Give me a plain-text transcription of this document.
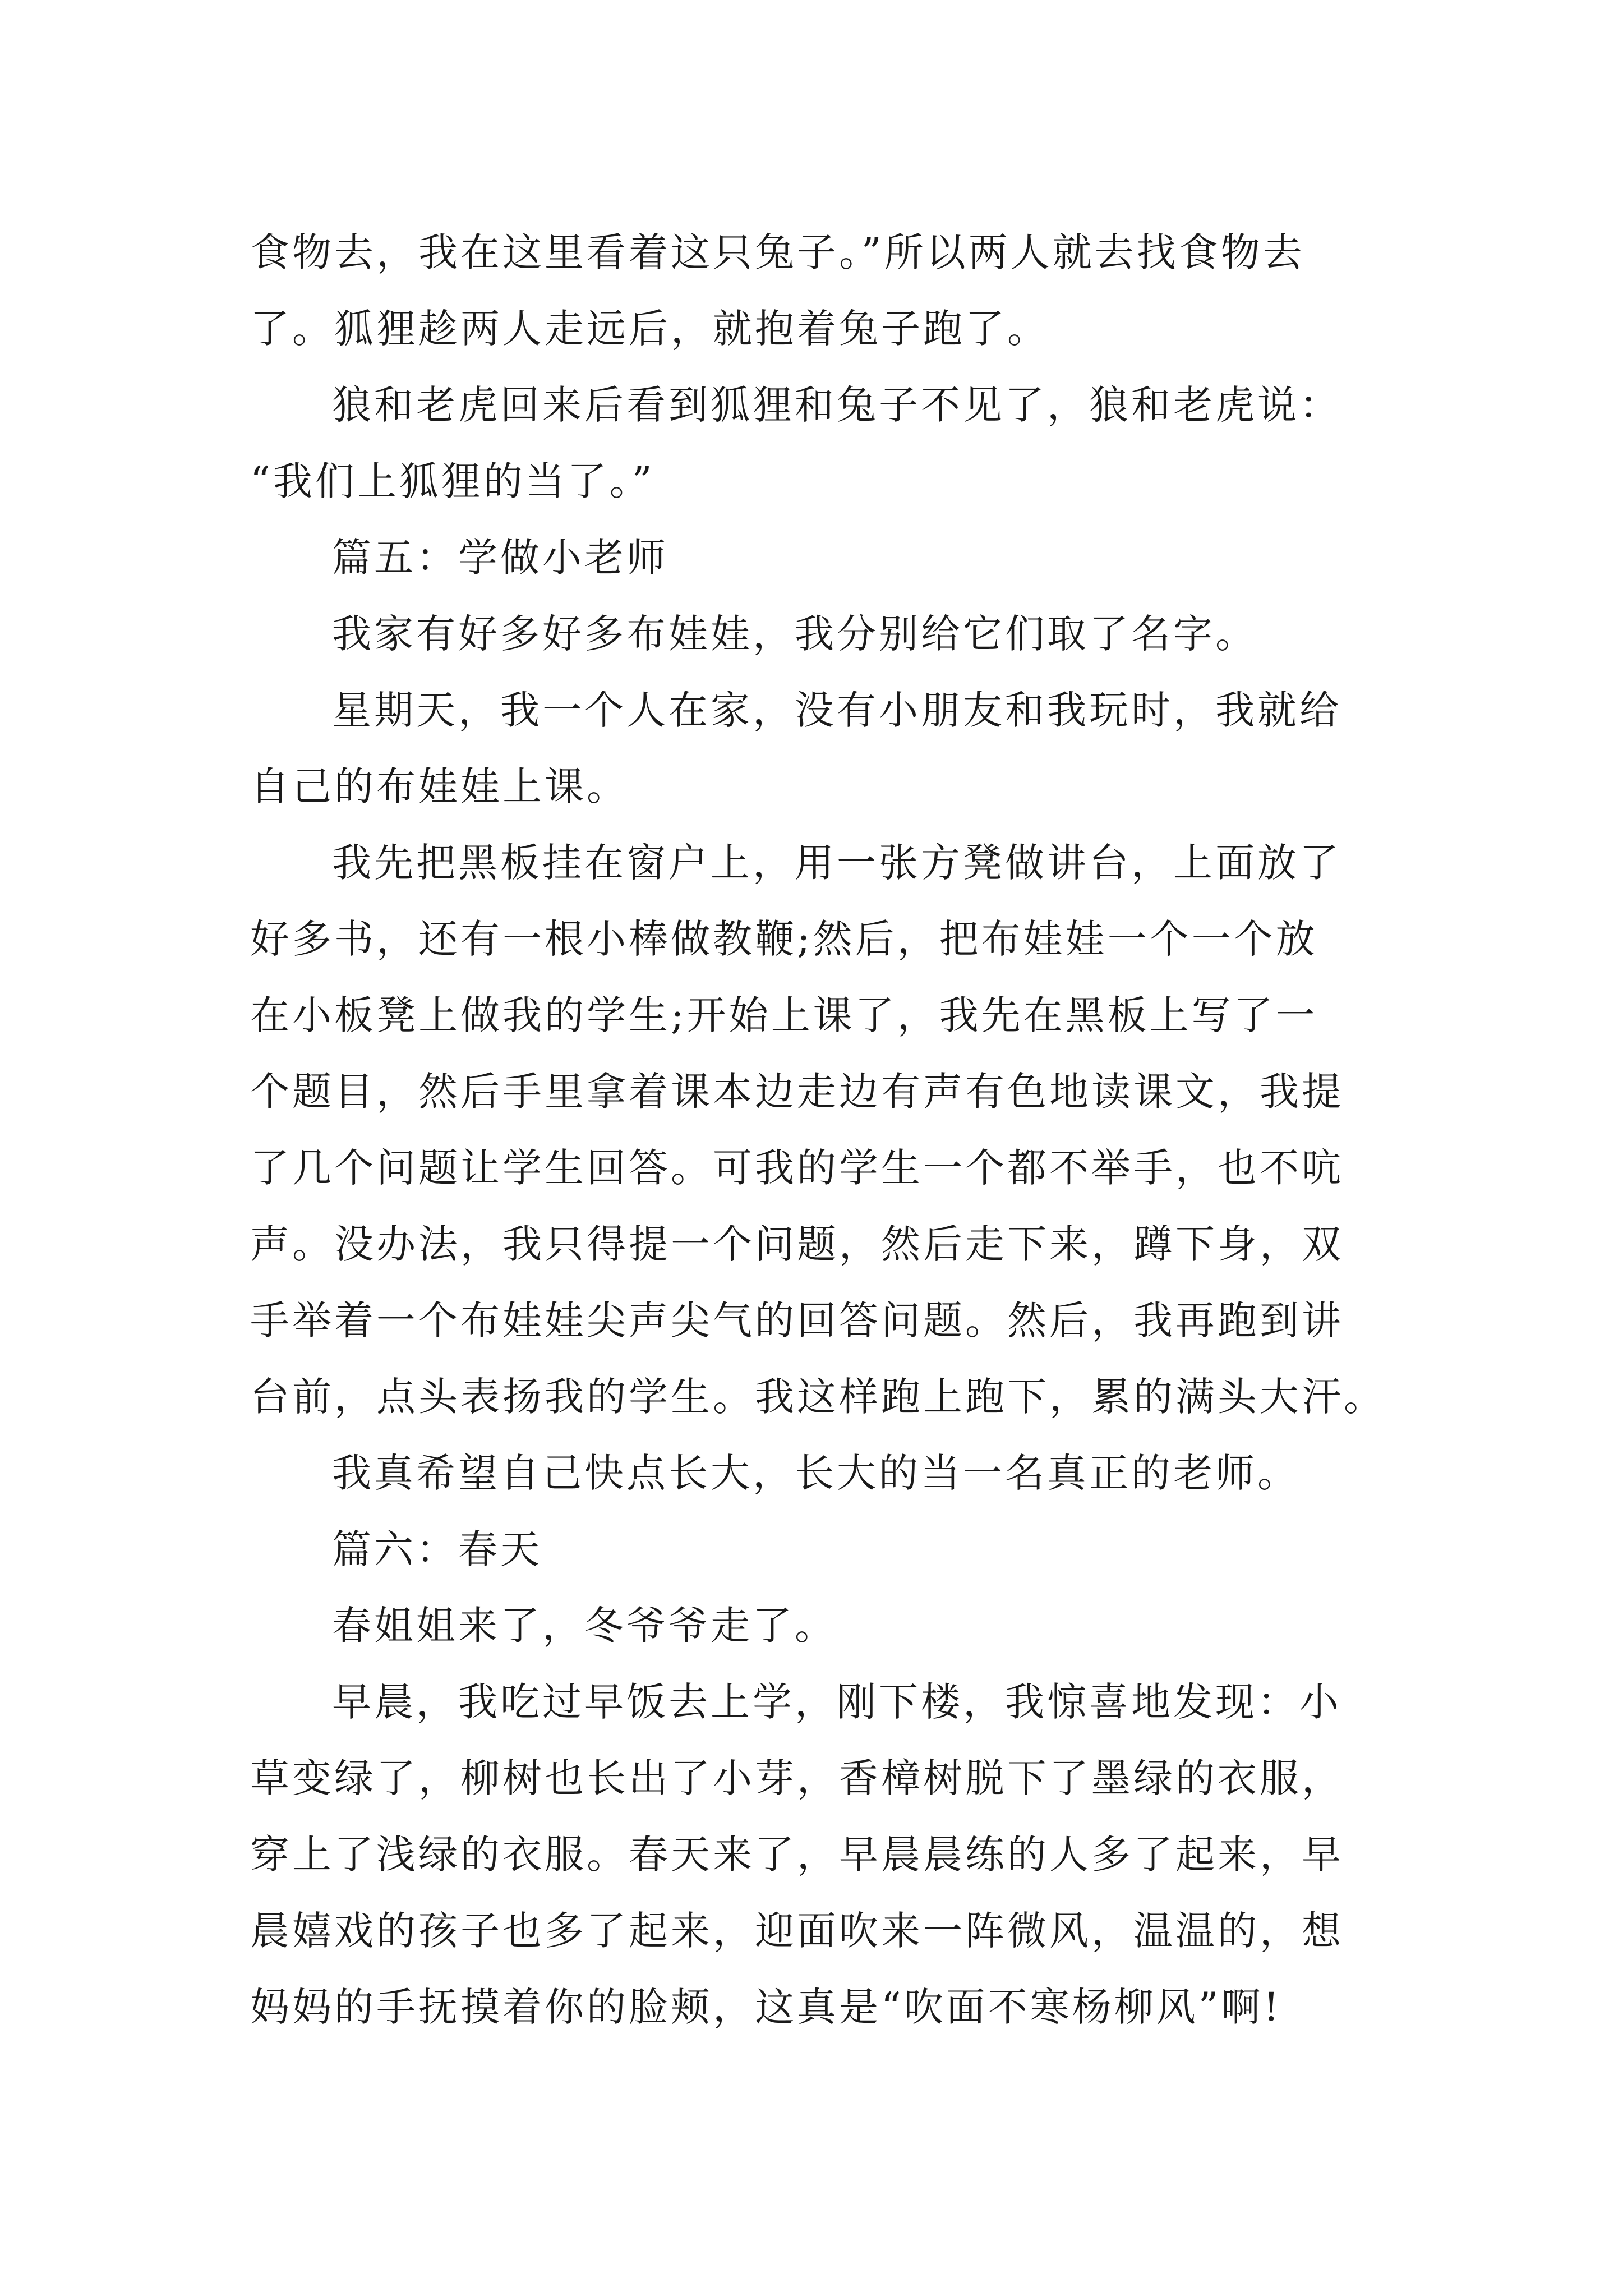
食物去，我在这里看着这只兔子。”所以两人就去找食物去
了。狐狸趁两人走远后，就抱着兔子跑了。
狼和老虎回来后看到狐狸和兔子不见了，狼和老虎说：
“我们上狐狸的当了。”
篇五：学做小老师
我家有好多好多布娃娃，我分别给它们取了名字。
星期天，我一个人在家，没有小朋友和我玩时，我就给
自己的布娃娃上课。
我先把黑板挂在窗户上，用一张方凳做讲台，上面放了
好多书，还有一根小棒做教鞭;然后，把布娃娃一个一个放
在小板凳上做我的学生;开始上课了，我先在黑板上写了一
个题目，然后手里拿着课本边走边有声有色地读课文，我提
了几个问题让学生回答。可我的学生一个都不举手，也不吭
声。没办法，我只得提一个问题，然后走下来，蹲下身，双
手举着一个布娃娃尖声尖气的回答问题。然后，我再跑到讲
台前，点头表扬我的学生。我这样跑上跑下，累的满头大汗。
我真希望自己快点长大，长大的当一名真正的老师。
篇六：春天
春姐姐来了，冬爷爷走了。
早晨，我吃过早饭去上学，刚下楼，我惊喜地发现：小
草变绿了，柳树也长出了小芽，香樟树脱下了墨绿的衣服，
穿上了浅绿的衣服。春天来了，早晨晨练的人多了起来，早
晨嬉戏的孩子也多了起来，迎面吹来一阵微风，温温的，想
妈妈的手抚摸着你的脸颊，这真是“吹面不寒杨柳风”啊!
